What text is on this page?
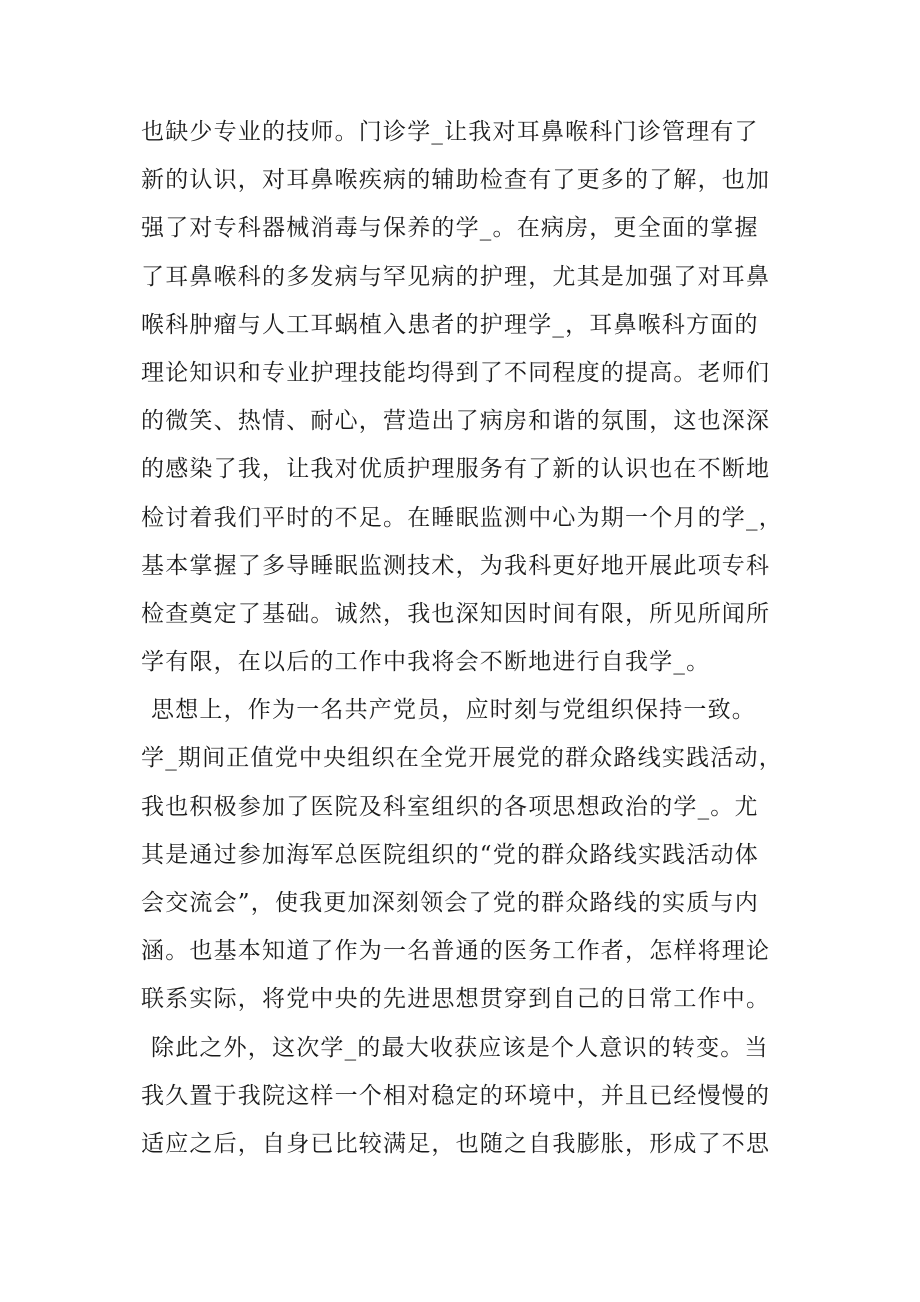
也缺少专业的技师。门诊学_让我对耳鼻喉科门诊管理有了
新的认识，对耳鼻喉疾病的辅助检查有了更多的了解，也加
强了对专科器械消毒与保养的学_。在病房，更全面的掌握
了耳鼻喉科的多发病与罕见病的护理，尤其是加强了对耳鼻
喉科肿瘤与人工耳蜗植入患者的护理学_，耳鼻喉科方面的
理论知识和专业护理技能均得到了不同程度的提高。老师们
的微笑、热情、耐心，营造出了病房和谐的氛围，这也深深
的感染了我，让我对优质护理服务有了新的认识也在不断地
检讨着我们平时的不足。在睡眠监测中心为期一个月的学_，
基本掌握了多导睡眠监测技术，为我科更好地开展此项专科
检查奠定了基础。诚然，我也深知因时间有限，所见所闻所
学有限，在以后的工作中我将会不断地进行自我学_。
思想上，作为一名共产党员，应时刻与党组织保持一致。
学_期间正值党中央组织在全党开展党的群众路线实践活动，
我也积极参加了医院及科室组织的各项思想政治的学_。尤
其是通过参加海军总医院组织的“党的群众路线实践活动体
会交流会”，使我更加深刻领会了党的群众路线的实质与内
涵。也基本知道了作为一名普通的医务工作者，怎样将理论
联系实际，将党中央的先进思想贯穿到自己的日常工作中。
除此之外，这次学_的最大收获应该是个人意识的转变。当
我久置于我院这样一个相对稳定的环境中，并且已经慢慢的
适应之后，自身已比较满足，也随之自我膨胀，形成了不思
